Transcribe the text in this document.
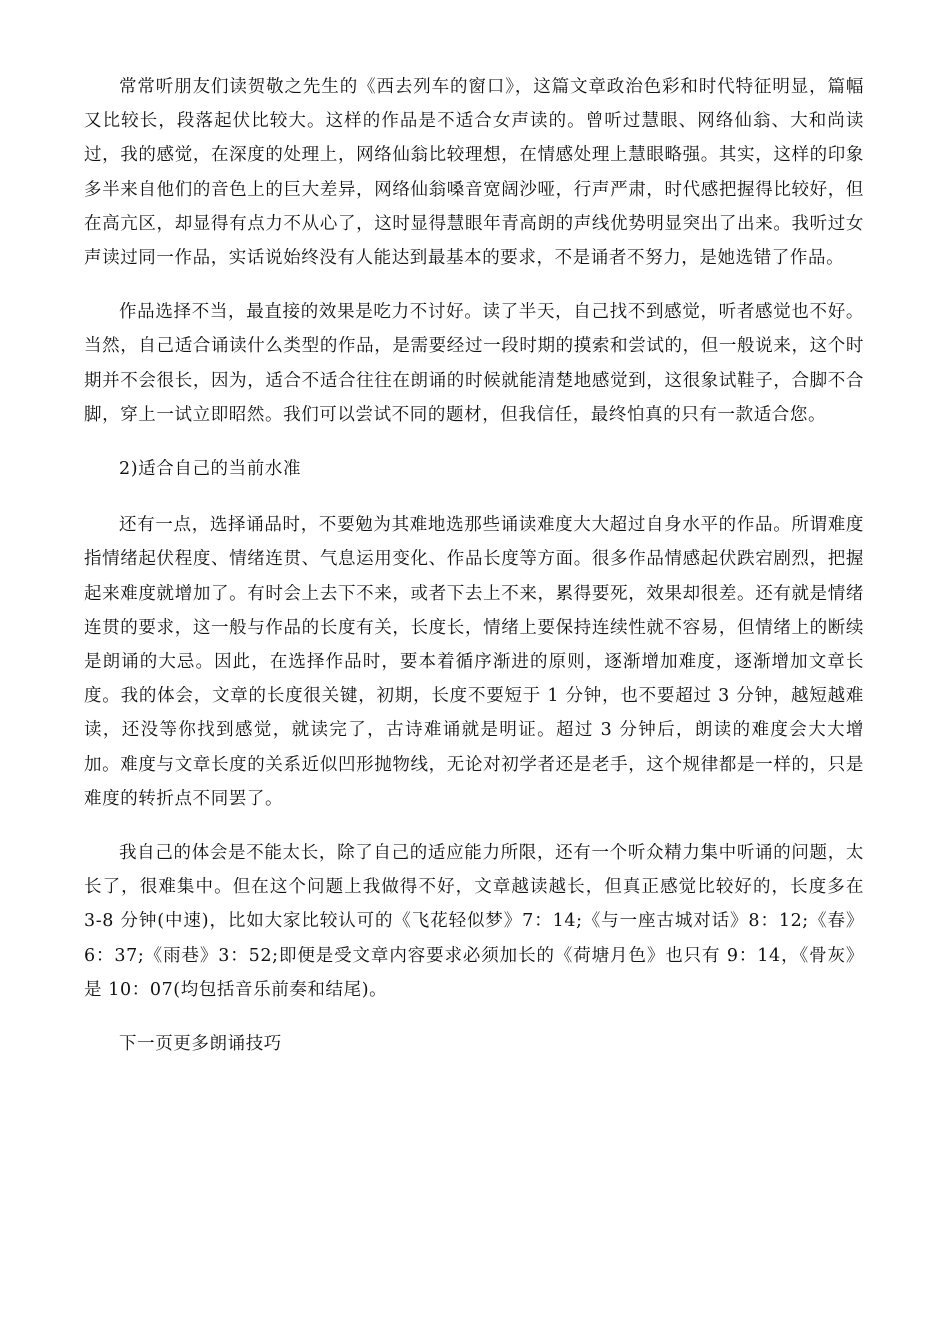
常常听朋友们读贺敬之先生的《西去列车的窗口》，这篇文章政治色彩和时代特征明显，篇幅又比较长，段落起伏比较大。这样的作品是不适合女声读的。曾听过慧眼、网络仙翁、大和尚读过，我的感觉，在深度的处理上，网络仙翁比较理想，在情感处理上慧眼略强。其实，这样的印象多半来自他们的音色上的巨大差异，网络仙翁嗓音宽阔沙哑，行声严肃，时代感把握得比较好，但在高亢区，却显得有点力不从心了，这时显得慧眼年青高朗的声线优势明显突出了出来。我听过女声读过同一作品，实话说始终没有人能达到最基本的要求，不是诵者不努力，是她选错了作品。

作品选择不当，最直接的效果是吃力不讨好。读了半天，自己找不到感觉，听者感觉也不好。当然，自己适合诵读什么类型的作品，是需要经过一段时期的摸索和尝试的，但一般说来，这个时期并不会很长，因为，适合不适合往往在朗诵的时候就能清楚地感觉到，这很象试鞋子，合脚不合脚，穿上一试立即昭然。我们可以尝试不同的题材，但我信任，最终怕真的只有一款适合您。

2)适合自己的当前水准

还有一点，选择诵品时，不要勉为其难地选那些诵读难度大大超过自身水平的作品。所谓难度指情绪起伏程度、情绪连贯、气息运用变化、作品长度等方面。很多作品情感起伏跌宕剧烈，把握起来难度就增加了。有时会上去下不来，或者下去上不来，累得要死，效果却很差。还有就是情绪连贯的要求，这一般与作品的长度有关，长度长，情绪上要保持连续性就不容易，但情绪上的断续是朗诵的大忌。因此，在选择作品时，要本着循序渐进的原则，逐渐增加难度，逐渐增加文章长度。我的体会，文章的长度很关键，初期，长度不要短于 1 分钟，也不要超过 3 分钟，越短越难读，还没等你找到感觉，就读完了，古诗难诵就是明证。超过 3 分钟后，朗读的难度会大大增加。难度与文章长度的关系近似凹形抛物线，无论对初学者还是老手，这个规律都是一样的，只是难度的转折点不同罢了。

我自己的体会是不能太长，除了自己的适应能力所限，还有一个听众精力集中听诵的问题，太长了，很难集中。但在这个问题上我做得不好，文章越读越长，但真正感觉比较好的，长度多在 3-8 分钟(中速)，比如大家比较认可的《飞花轻似梦》7：14;《与一座古城对话》8：12;《春》6：37;《雨巷》3：52;即便是受文章内容要求必须加长的《荷塘月色》也只有 9：14，《骨灰》是 10：07(均包括音乐前奏和结尾)。

下一页更多朗诵技巧
